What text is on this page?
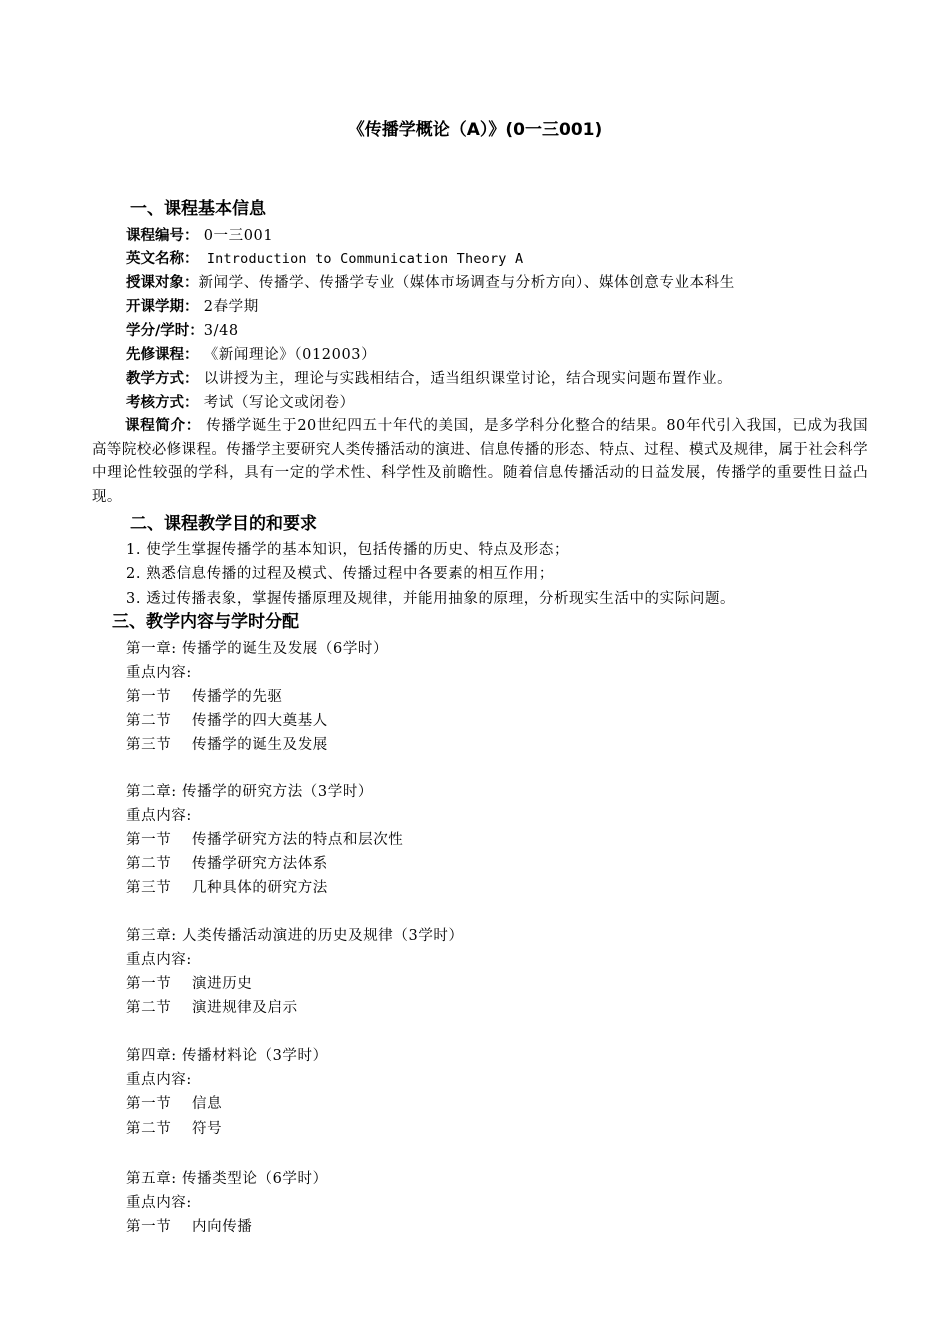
《传播学概论（A）》(0一三001)
一、课程基本信息
课程编号： 0一三001
英文名称： Introduction to Communication Theory A
授课对象：新闻学、传播学、传播学专业（媒体市场调查与分析方向）、媒体创意专业本科生
开课学期： 2春学期
学分/学时：3/48
先修课程： 《新闻理论》（012003）
教学方式： 以讲授为主，理论与实践相结合，适当组织课堂讨论，结合现实问题布置作业。
考核方式： 考试（写论文或闭卷）
课程简介： 传播学诞生于20世纪四五十年代的美国，是多学科分化整合的结果。80年代引入我国，已成为我国高等院校必修课程。传播学主要研究人类传播活动的演进、信息传播的形态、特点、过程、模式及规律，属于社会科学中理论性较强的学科，具有一定的学术性、科学性及前瞻性。随着信息传播活动的日益发展，传播学的重要性日益凸现。
二、课程教学目的和要求
1. 使学生掌握传播学的基本知识，包括传播的历史、特点及形态；
2. 熟悉信息传播的过程及模式、传播过程中各要素的相互作用；
3. 透过传播表象，掌握传播原理及规律，并能用抽象的原理，分析现实生活中的实际问题。
三、教学内容与学时分配
第一章: 传播学的诞生及发展（6学时）
重点内容:
第一节 传播学的先驱
第二节 传播学的四大奠基人
第三节 传播学的诞生及发展
第二章: 传播学的研究方法（3学时）
重点内容:
第一节 传播学研究方法的特点和层次性
第二节 传播学研究方法体系
第三节 几种具体的研究方法
第三章: 人类传播活动演进的历史及规律（3学时）
重点内容:
第一节 演进历史
第二节 演进规律及启示
第四章: 传播材料论（3学时）
重点内容:
第一节 信息
第二节 符号
第五章: 传播类型论（6学时）
重点内容:
第一节 内向传播
